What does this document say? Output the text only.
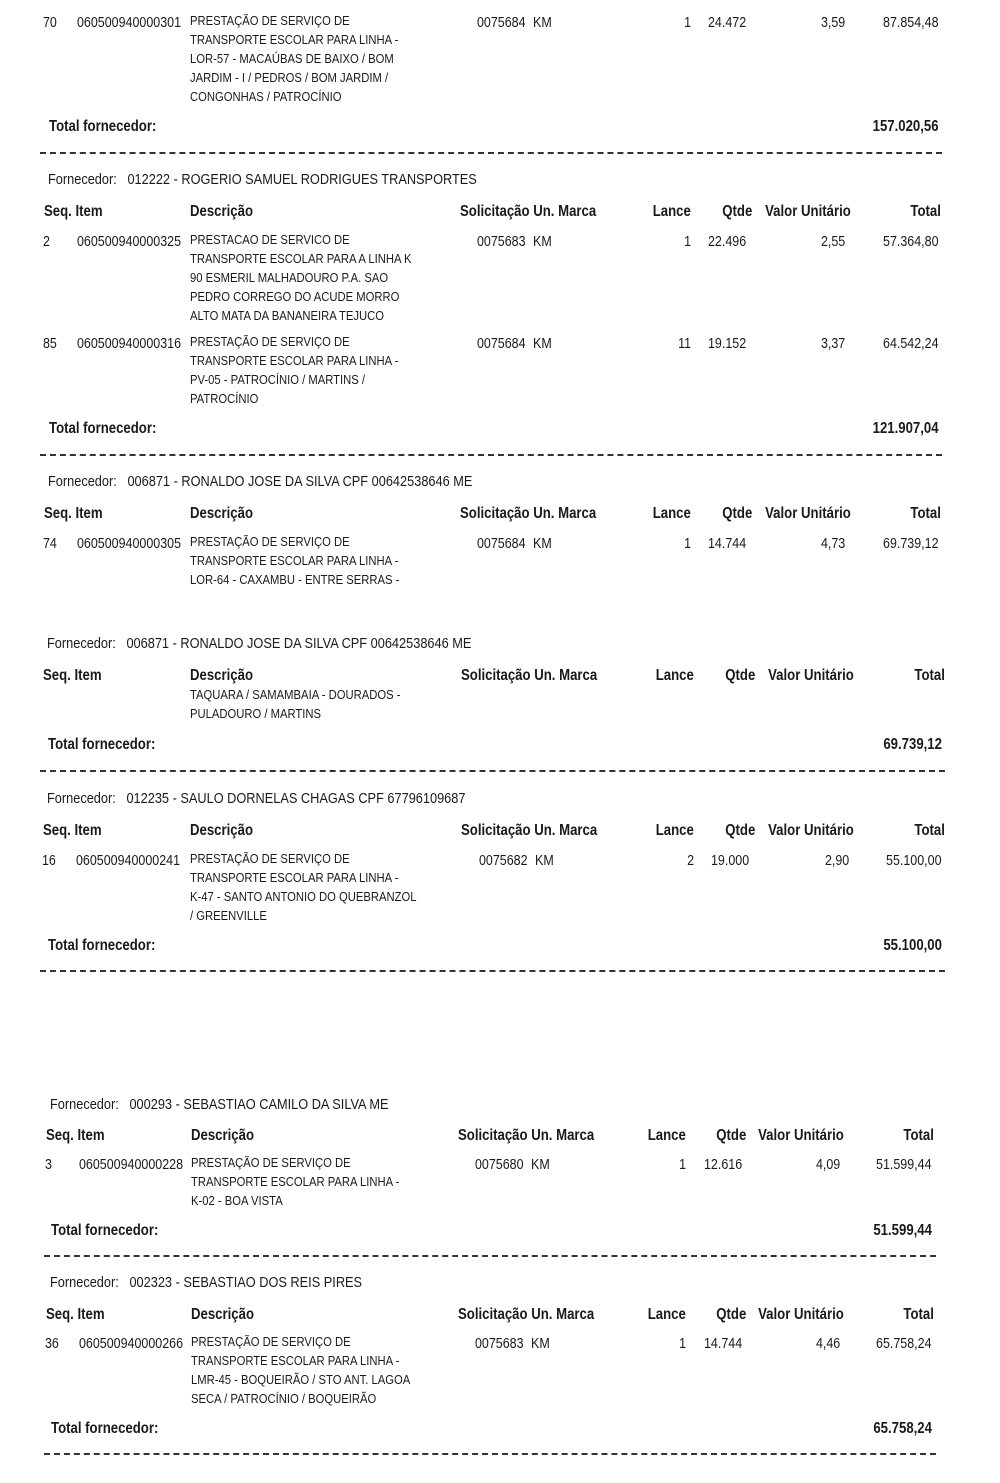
70 060500940000301 PRESTAÇÃO DE SERVIÇO DE
TRANSPORTE ESCOLAR PARA LINHA -
LOR-57 - MACAÚBAS DE BAIXO / BOM
JARDIM - I / PEDROS / BOM JARDIM /
CONGONHAS / PATROCÍNIO
0075684 KM	1 24.472	3,59	87.854,48
Total fornecedor:	157.020,56
Fornecedor: 012222 - ROGERIO SAMUEL RODRIGUES TRANSPORTES
Seq. Item	Descrição	Solicitação Un. Marca	Lance Qtde Valor Unitário	Total
2 060500940000325 PRESTACAO DE SERVICO DE
TRANSPORTE ESCOLAR PARA A LINHA K
90 ESMERIL MALHADOURO P.A. SAO
PEDRO CORREGO DO ACUDE MORRO
ALTO MATA DA BANANEIRA TEJUCO
0075683 KM	1 22.496	2,55	57.364,80
85 060500940000316 PRESTAÇÃO DE SERVIÇO DE
TRANSPORTE ESCOLAR PARA LINHA -
PV-05 - PATROCÍNIO / MARTINS /
PATROCÍNIO
0075684 KM	11 19.152	3,37	64.542,24
Total fornecedor:	121.907,04
Fornecedor: 006871 - RONALDO JOSE DA SILVA CPF 00642538646 ME
Seq. Item	Descrição	Solicitação Un. Marca	Lance Qtde Valor Unitário	Total
74 060500940000305 PRESTAÇÃO DE SERVIÇO DE
TRANSPORTE ESCOLAR PARA LINHA -
LOR-64 - CAXAMBU - ENTRE SERRAS -
0075684 KM	1 14.744	4,73	69.739,12
Fornecedor: 006871 - RONALDO JOSE DA SILVA CPF 00642538646 ME
Seq. Item	Descrição	Solicitação Un. Marca	Lance Qtde Valor Unitário	Total
TAQUARA / SAMAMBAIA - DOURADOS -
PULADOURO / MARTINS
Total fornecedor:	69.739,12
Fornecedor: 012235 - SAULO DORNELAS CHAGAS CPF 67796109687
Seq. Item	Descrição	Solicitação Un. Marca	Lance Qtde Valor Unitário	Total
16 060500940000241 PRESTAÇÃO DE SERVIÇO DE
TRANSPORTE ESCOLAR PARA LINHA -
K-47 - SANTO ANTONIO DO QUEBRANZOL
/ GREENVILLE
0075682 KM	2 19.000	2,90	55.100,00
Total fornecedor:	55.100,00
Fornecedor: 000293 - SEBASTIAO CAMILO DA SILVA ME
Seq. Item	Descrição	Solicitação Un. Marca	Lance Qtde Valor Unitário	Total
3 060500940000228 PRESTAÇÃO DE SERVIÇO DE
TRANSPORTE ESCOLAR PARA LINHA -
K-02 - BOA VISTA
0075680 KM	1 12.616	4,09	51.599,44
Total fornecedor:	51.599,44
Fornecedor: 002323 - SEBASTIAO DOS REIS PIRES
Seq. Item	Descrição	Solicitação Un. Marca	Lance Qtde Valor Unitário	Total
36 060500940000266 PRESTAÇÃO DE SERVIÇO DE
TRANSPORTE ESCOLAR PARA LINHA -
LMR-45 - BOQUEIRÃO / STO ANT. LAGOA
SECA / PATROCÍNIO / BOQUEIRÃO
0075683 KM	1 14.744	4,46	65.758,24
Total fornecedor:	65.758,24
